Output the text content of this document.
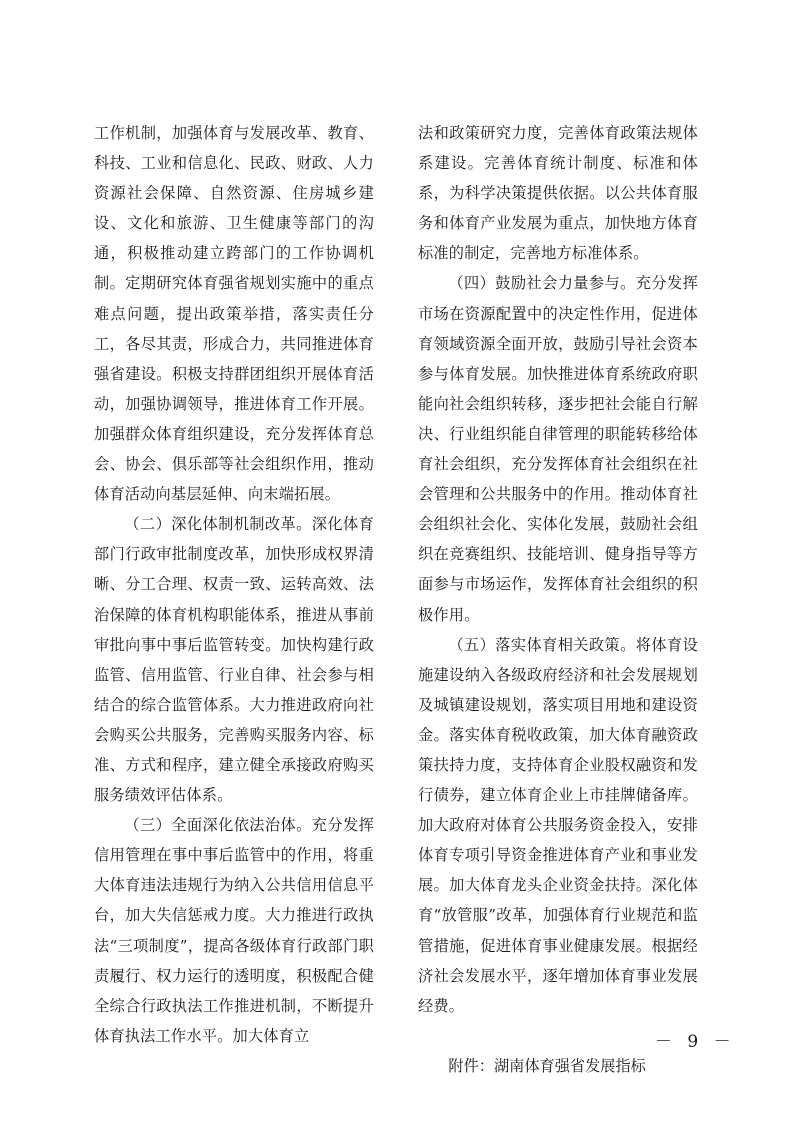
工作机制，加强体育与发展改革、教育、科技、工业和信息化、民政、财政、人力资源社会保障、自然资源、住房城乡建设、文化和旅游、卫生健康等部门的沟通，积极推动建立跨部门的工作协调机制。定期研究体育强省规划实施中的重点难点问题，提出政策举措，落实责任分工，各尽其责，形成合力，共同推进体育强省建设。积极支持群团组织开展体育活动，加强协调领导，推进体育工作开展。加强群众体育组织建设，充分发挥体育总会、协会、俱乐部等社会组织作用，推动体育活动向基层延伸、向末端拓展。

（二）深化体制机制改革。深化体育部门行政审批制度改革，加快形成权界清晰、分工合理、权责一致、运转高效、法治保障的体育机构职能体系，推进从事前审批向事中事后监管转变。加快构建行政监管、信用监管、行业自律、社会参与相结合的综合监管体系。大力推进政府向社会购买公共服务，完善购买服务内容、标准、方式和程序，建立健全承接政府购买服务绩效评估体系。

（三）全面深化依法治体。充分发挥信用管理在事中事后监管中的作用，将重大体育违法违规行为纳入公共信用信息平台，加大失信惩戒力度。大力推进行政执法“三项制度”，提高各级体育行政部门职责履行、权力运行的透明度，积极配合健全综合行政执法工作推进机制，不断提升体育执法工作水平。加大体育立

法和政策研究力度，完善体育政策法规体系建设。完善体育统计制度、标准和体系，为科学决策提供依据。以公共体育服务和体育产业发展为重点，加快地方体育标准的制定，完善地方标准体系。

（四）鼓励社会力量参与。充分发挥市场在资源配置中的决定性作用，促进体育领域资源全面开放，鼓励引导社会资本参与体育发展。加快推进体育系统政府职能向社会组织转移，逐步把社会能自行解决、行业组织能自律管理的职能转移给体育社会组织，充分发挥体育社会组织在社会管理和公共服务中的作用。推动体育社会组织社会化、实体化发展，鼓励社会组织在竞赛组织、技能培训、健身指导等方面参与市场运作，发挥体育社会组织的积极作用。

（五）落实体育相关政策。将体育设施建设纳入各级政府经济和社会发展规划及城镇建设规划，落实项目用地和建设资金。落实体育税收政策，加大体育融资政策扶持力度，支持体育企业股权融资和发行债券，建立体育企业上市挂牌储备库。加大政府对体育公共服务资金投入，安排体育专项引导资金推进体育产业和事业发展。加大体育龙头企业资金扶持。深化体育“放管服”改革，加强体育行业规范和监管措施，促进体育事业健康发展。根据经济社会发展水平，逐年增加体育事业发展经费。

附件：湖南体育强省发展指标

－ 9 －
